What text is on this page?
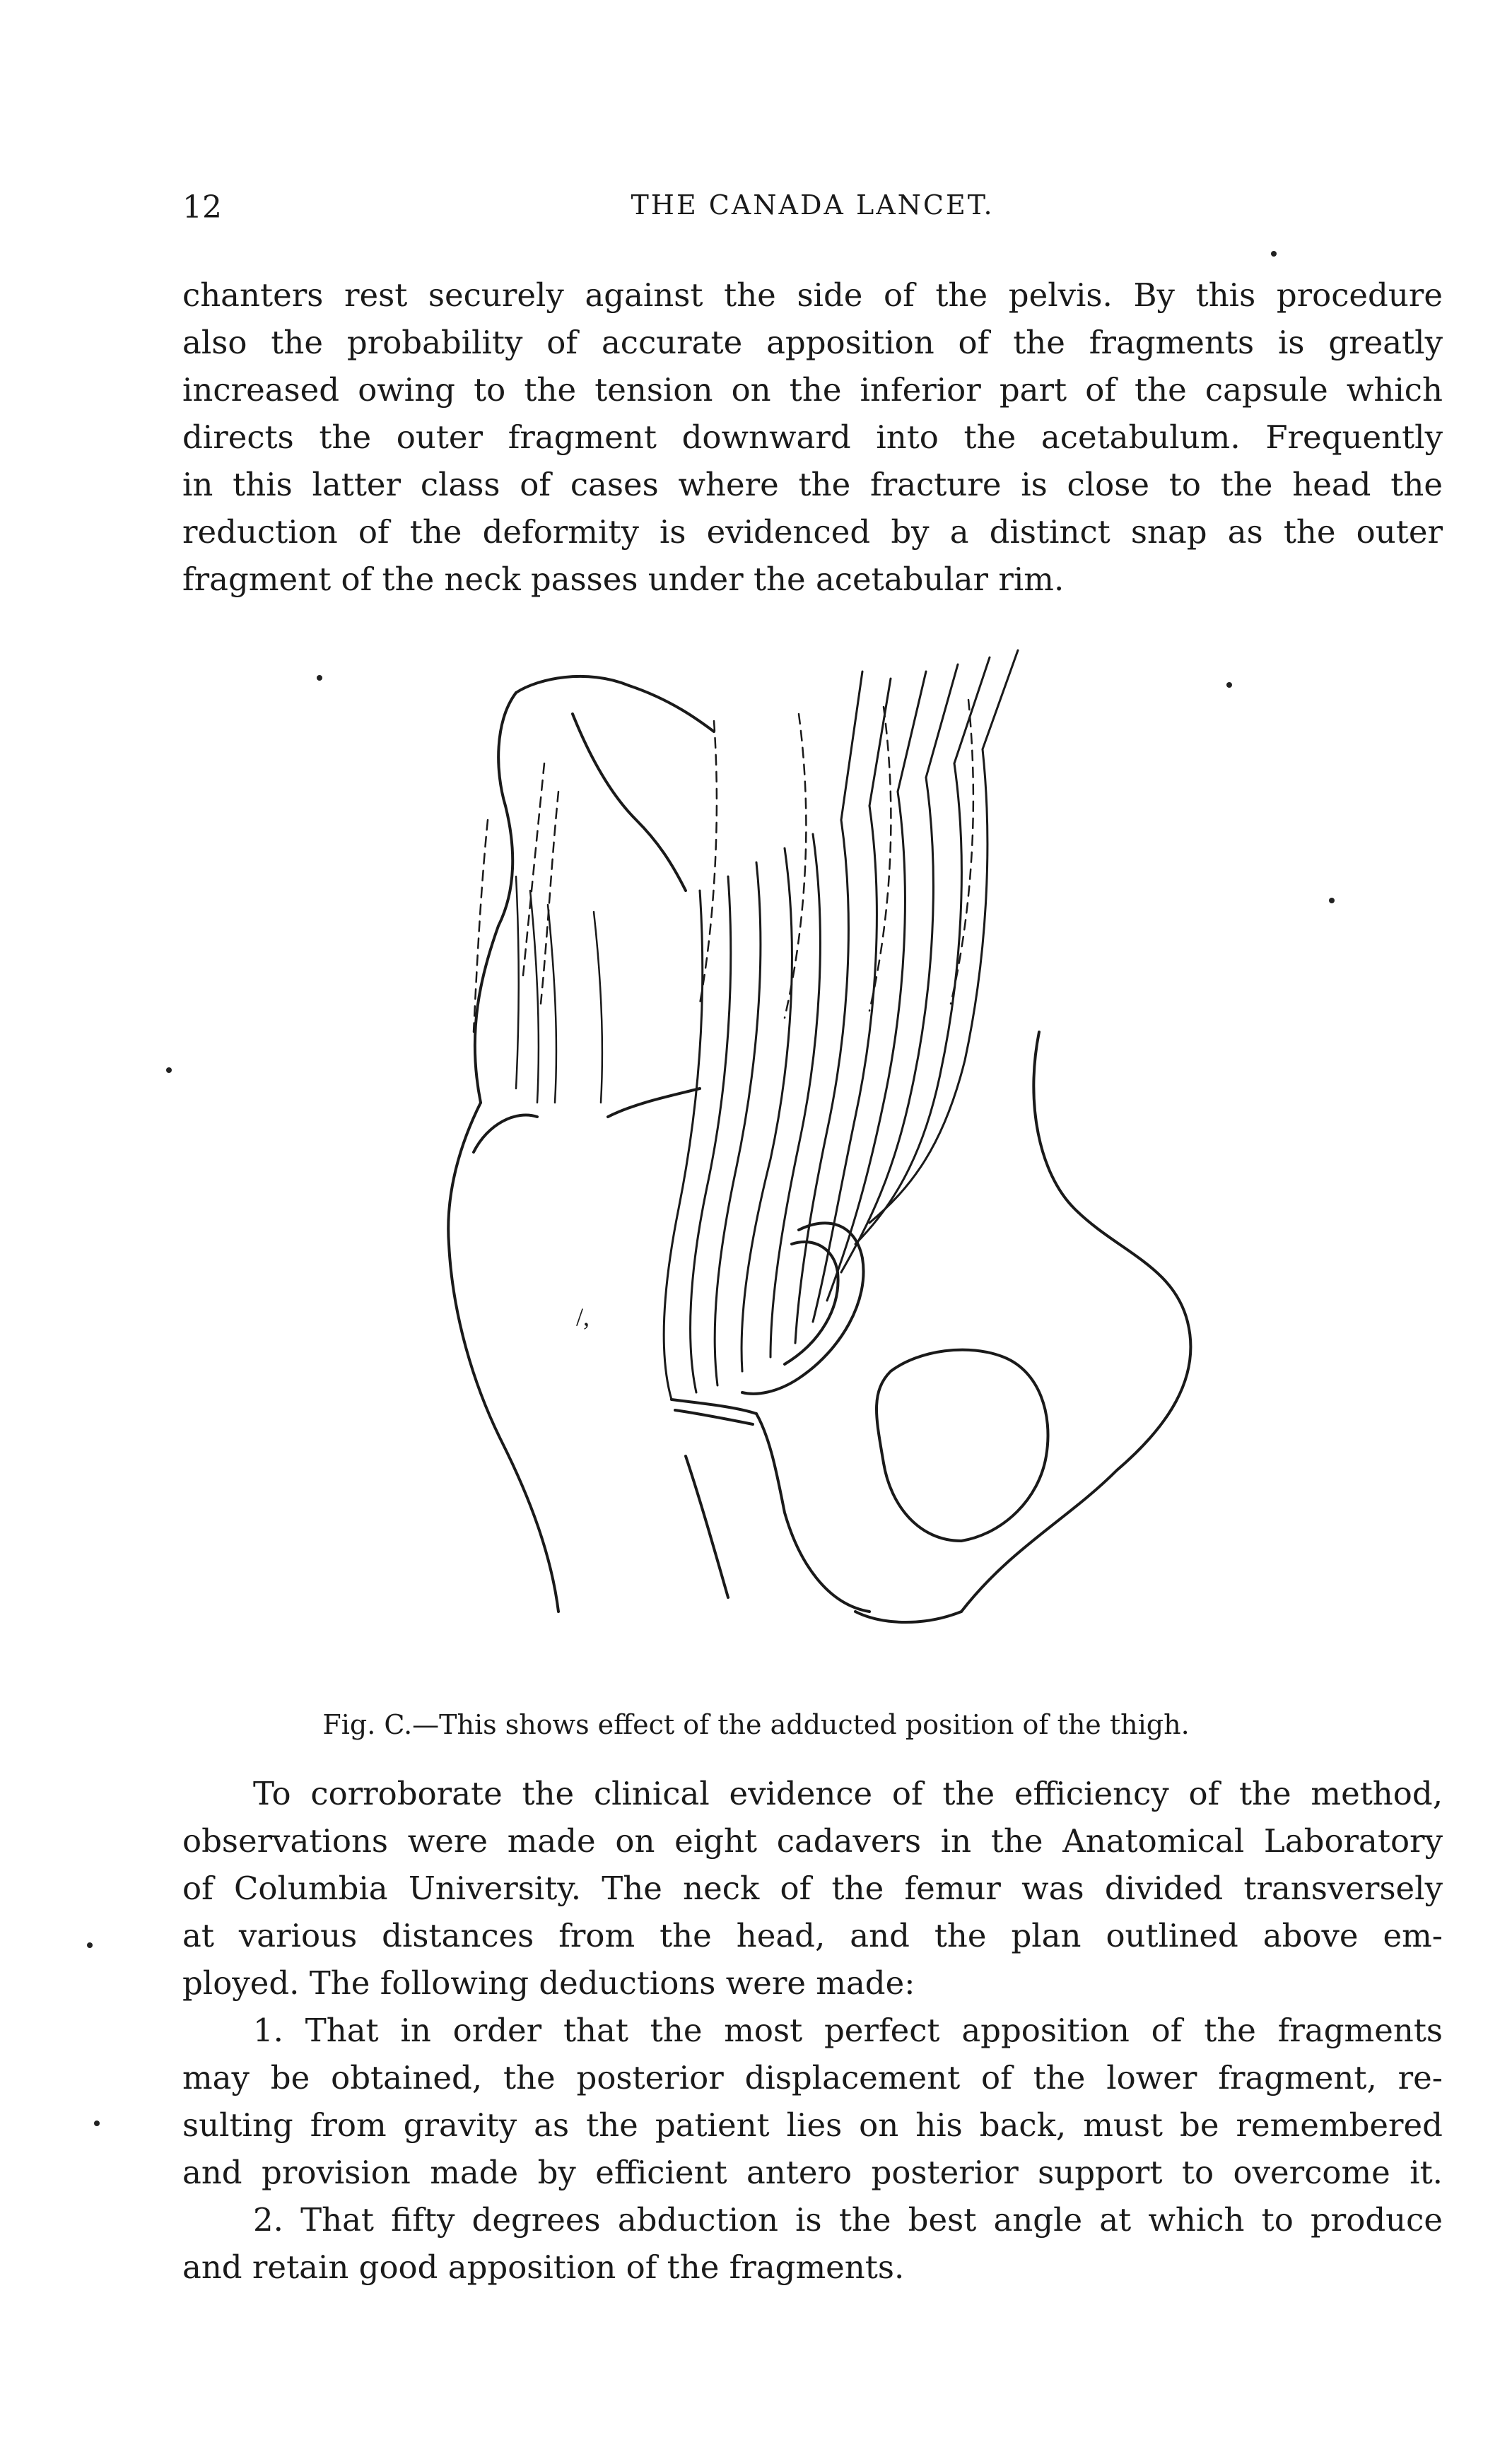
12	THE CANADA LANCET.
chanters rest securely against the side of the pelvis. By this procedure
also the probability of accurate apposition of the fragments is greatly
increased owing to the tension on the inferior part of the capsule which
directs the outer fragment downward into the acetabulum. Frequently
in this latter class of cases where the fracture is close to the head the
reduction of the deformity is evidenced by a distinct snap as the outer
fragment of the neck passes under the acetabular rim.
/,
Fig. C.—This shows effect of the adducted position of the thigh.
To corroborate the clinical evidence of the efficiency of the method,
observations were made on eight cadavers in the Anatomical Laboratory
of Columbia University. The neck of the femur was divided transversely
at various distances from the head, and the plan outlined above em-
ployed. The following deductions were made:
1. That in order that the most perfect apposition of the fragments
may be obtained, the posterior displacement of the lower fragment, re-
sulting from gravity as the patient lies on his back, must be remembered
and provision made by efficient antero posterior support to overcome it.
2. That fifty degrees abduction is the best angle at which to produce
and retain good apposition of the fragments.
